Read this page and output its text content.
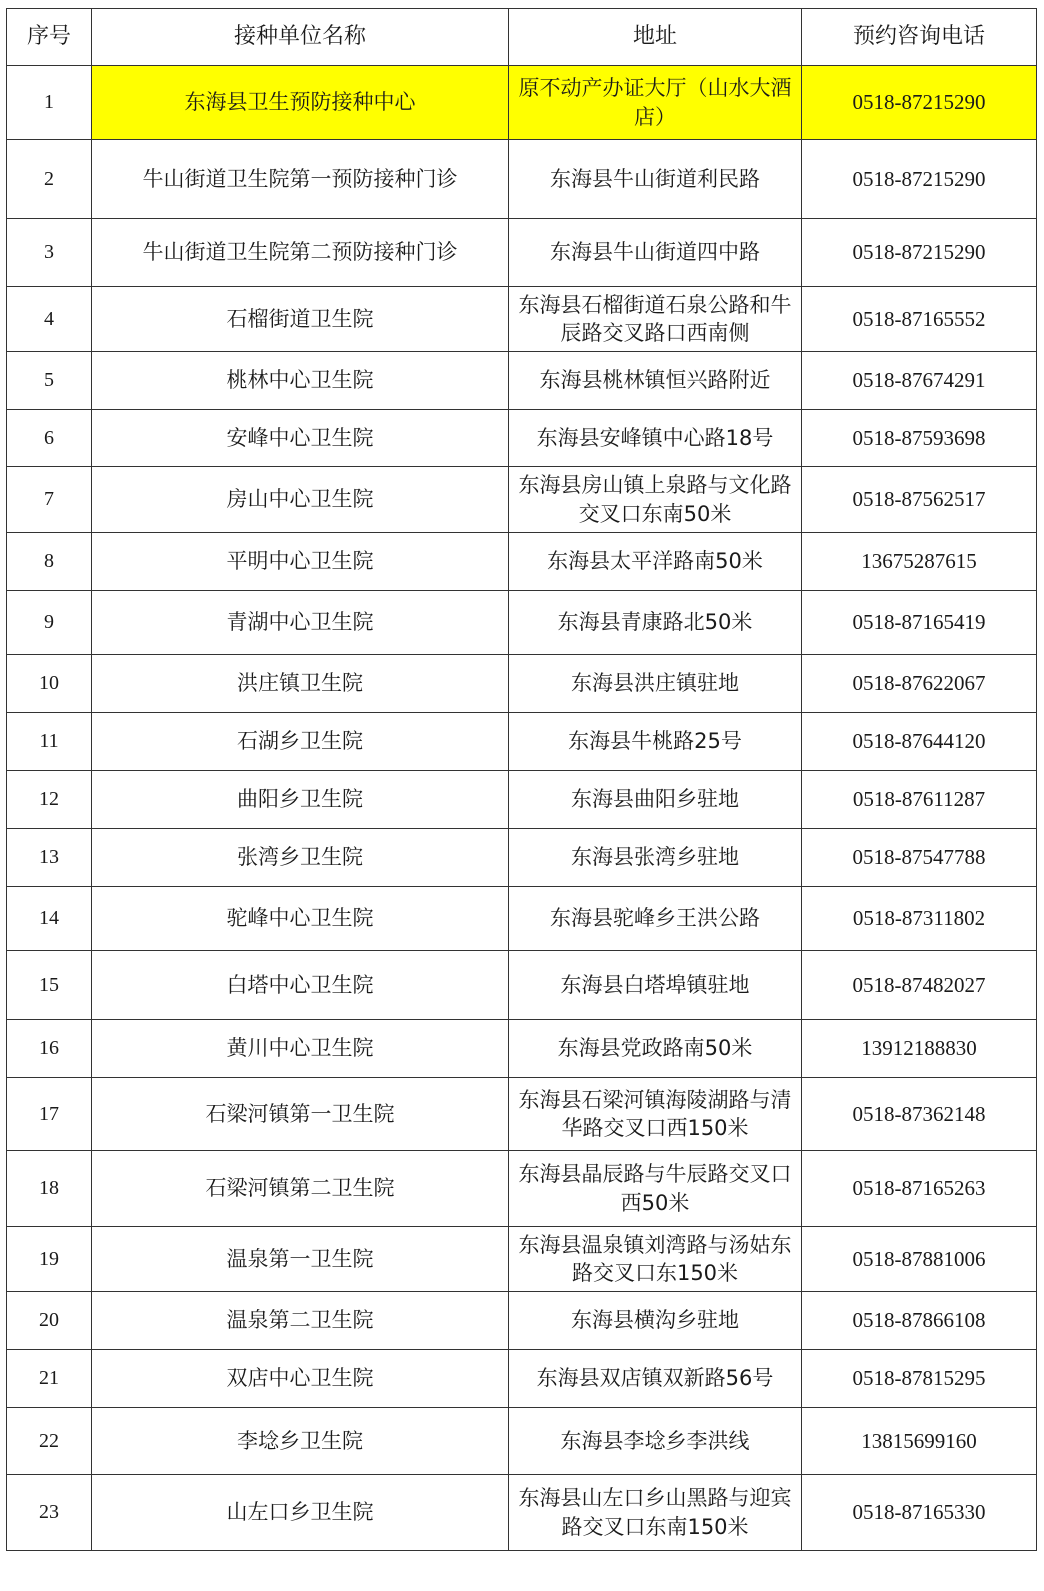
序号	接种单位名称	地址	预约咨询电话
1	东海县卫生预防接种中心	原不动产办证大厅（山水大酒店）	0518-87215290
2	牛山街道卫生院第一预防接种门诊	东海县牛山街道利民路	0518-87215290
3	牛山街道卫生院第二预防接种门诊	东海县牛山街道四中路	0518-87215290
4	石榴街道卫生院	东海县石榴街道石泉公路和牛辰路交叉路口西南侧	0518-87165552
5	桃林中心卫生院	东海县桃林镇恒兴路附近	0518-87674291
6	安峰中心卫生院	东海县安峰镇中心路18号	0518-87593698
7	房山中心卫生院	东海县房山镇上泉路与文化路交叉口东南50米	0518-87562517
8	平明中心卫生院	东海县太平洋路南50米	13675287615
9	青湖中心卫生院	东海县青康路北50米	0518-87165419
10	洪庄镇卫生院	东海县洪庄镇驻地	0518-87622067
11	石湖乡卫生院	东海县牛桃路25号	0518-87644120
12	曲阳乡卫生院	东海县曲阳乡驻地	0518-87611287
13	张湾乡卫生院	东海县张湾乡驻地	0518-87547788
14	驼峰中心卫生院	东海县驼峰乡王洪公路	0518-87311802
15	白塔中心卫生院	东海县白塔埠镇驻地	0518-87482027
16	黄川中心卫生院	东海县党政路南50米	13912188830
17	石梁河镇第一卫生院	东海县石梁河镇海陵湖路与清华路交叉口西150米	0518-87362148
18	石梁河镇第二卫生院	东海县晶辰路与牛辰路交叉口西50米	0518-87165263
19	温泉第一卫生院	东海县温泉镇刘湾路与汤姑东路交叉口东150米	0518-87881006
20	温泉第二卫生院	东海县横沟乡驻地	0518-87866108
21	双店中心卫生院	东海县双店镇双新路56号	0518-87815295
22	李埝乡卫生院	东海县李埝乡李洪线	13815699160
23	山左口乡卫生院	东海县山左口乡山黑路与迎宾路交叉口东南150米	0518-87165330
